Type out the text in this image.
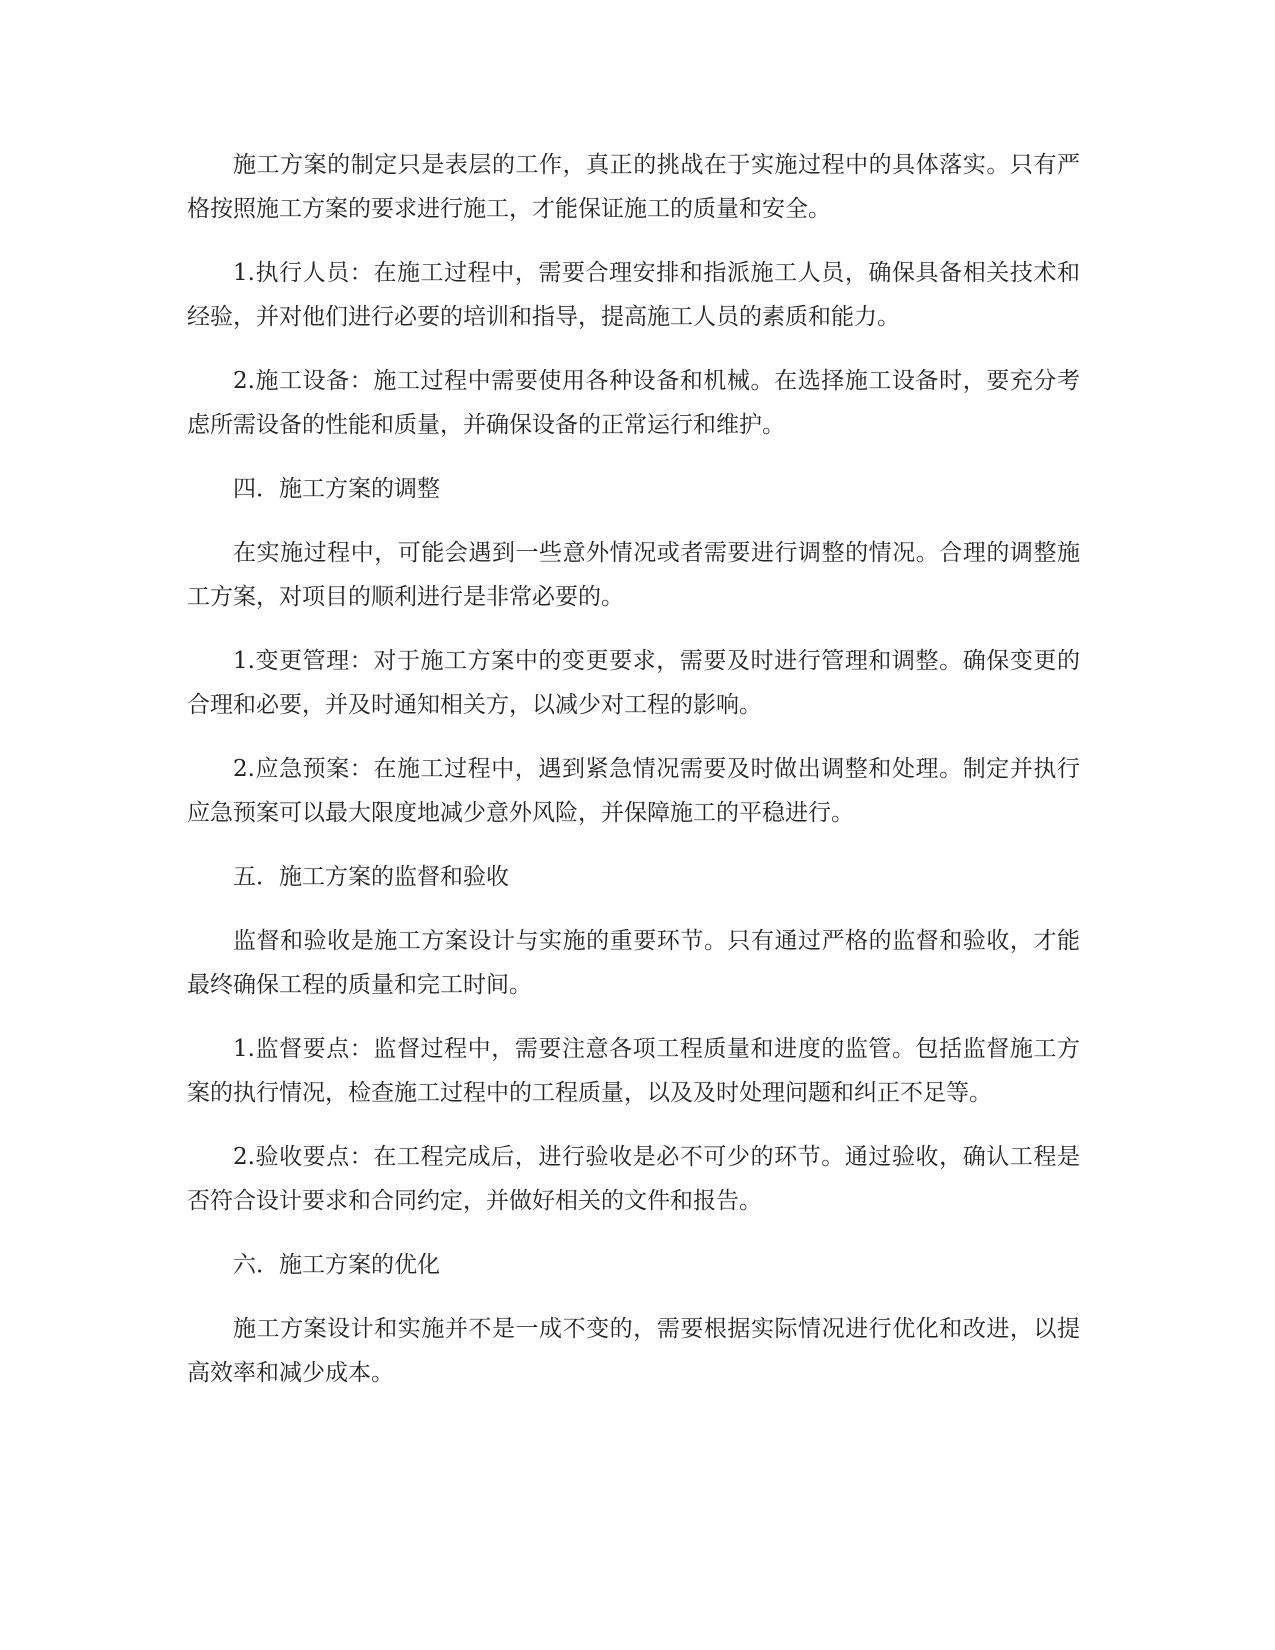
施工方案的制定只是表层的工作，真正的挑战在于实施过程中的具体落实。只有严格按照施工方案的要求进行施工，才能保证施工的质量和安全。

1.执行人员：在施工过程中，需要合理安排和指派施工人员，确保具备相关技术和经验，并对他们进行必要的培训和指导，提高施工人员的素质和能力。

2.施工设备：施工过程中需要使用各种设备和机械。在选择施工设备时，要充分考虑所需设备的性能和质量，并确保设备的正常运行和维护。

四．施工方案的调整

在实施过程中，可能会遇到一些意外情况或者需要进行调整的情况。合理的调整施工方案，对项目的顺利进行是非常必要的。

1.变更管理：对于施工方案中的变更要求，需要及时进行管理和调整。确保变更的合理和必要，并及时通知相关方，以减少对工程的影响。

2.应急预案：在施工过程中，遇到紧急情况需要及时做出调整和处理。制定并执行应急预案可以最大限度地减少意外风险，并保障施工的平稳进行。

五．施工方案的监督和验收

监督和验收是施工方案设计与实施的重要环节。只有通过严格的监督和验收，才能最终确保工程的质量和完工时间。

1.监督要点：监督过程中，需要注意各项工程质量和进度的监管。包括监督施工方案的执行情况，检查施工过程中的工程质量，以及及时处理问题和纠正不足等。

2.验收要点：在工程完成后，进行验收是必不可少的环节。通过验收，确认工程是否符合设计要求和合同约定，并做好相关的文件和报告。

六．施工方案的优化

施工方案设计和实施并不是一成不变的，需要根据实际情况进行优化和改进，以提高效率和减少成本。
